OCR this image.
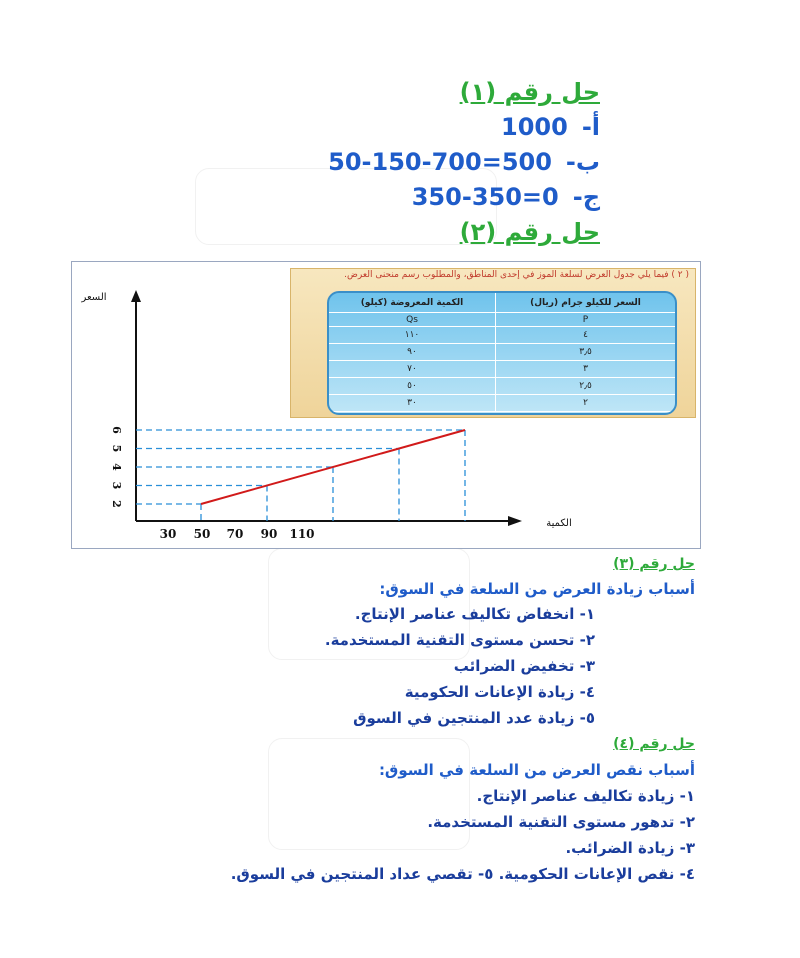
حل رقم (١)
أ-1000
ب-500=700-150-50
ج-0=350-350
حل رقم (٢)
2
3
4
5
6
30 50 70 90 110
السعر
الكمية
( ٢ ) فيما يلي جدول العرض لسلعة الموز في إحدى المناطق، والمطلوب رسم منحنى العرض.
السعر للكيلو جرام (ريال)	الكمية المعروضة (كيلو)
P	Qs
٤	١١٠
٣٫٥	٩٠
٣	٧٠
٢٫٥	٥٠
٢	٣٠
حل رقم (٣)
أسباب زيادة العرض من السلعة في السوق:
١- انخفاض تكاليف عناصر الإنتاج.
٢- تحسن مستوى التقنية المستخدمة.
٣- تخفيض الضرائب
٤- زيادة الإعانات الحكومية
٥- زيادة عدد المنتجين في السوق
حل رقم (٤)
أسباب نقص العرض من السلعة في السوق:
١- زيادة تكاليف عناصر الإنتاج.
٢- تدهور مستوى التقنية المستخدمة.
٣- زيادة الضرائب.
٤- نقص الإعانات الحكومية. ٥- تقصي عداد المنتجين في السوق.
